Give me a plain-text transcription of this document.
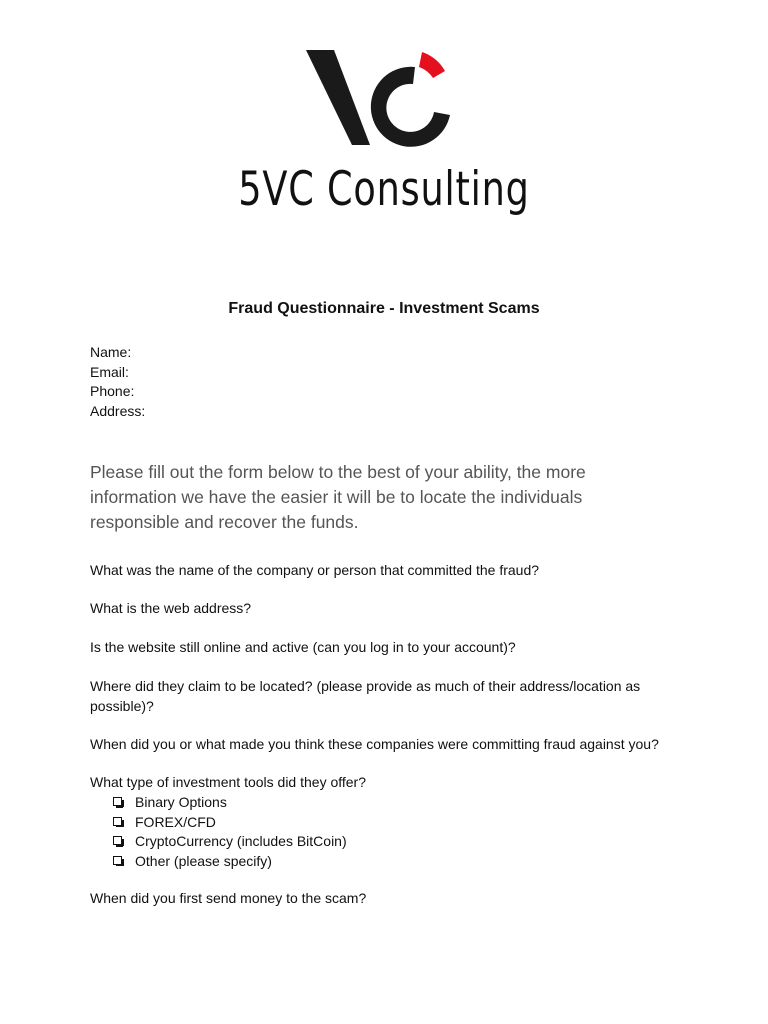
5VC Consulting
Fraud Questionnaire - Investment Scams
Name:
Email:
Phone:
Address:
Please fill out the form below to the best of your ability, the more information we have the easier it will be to locate the individuals responsible and recover the funds.
What was the name of the company or person that committed the fraud?
What is the web address?
Is the website still online and active (can you log in to your account)?
Where did they claim to be located? (please provide as much of their address/location as possible)?
When did you or what made you think these companies were committing fraud against you?
What type of investment tools did they offer?
Binary Options
FOREX/CFD
CryptoCurrency (includes BitCoin)
Other (please specify)
When did you first send money to the scam?
